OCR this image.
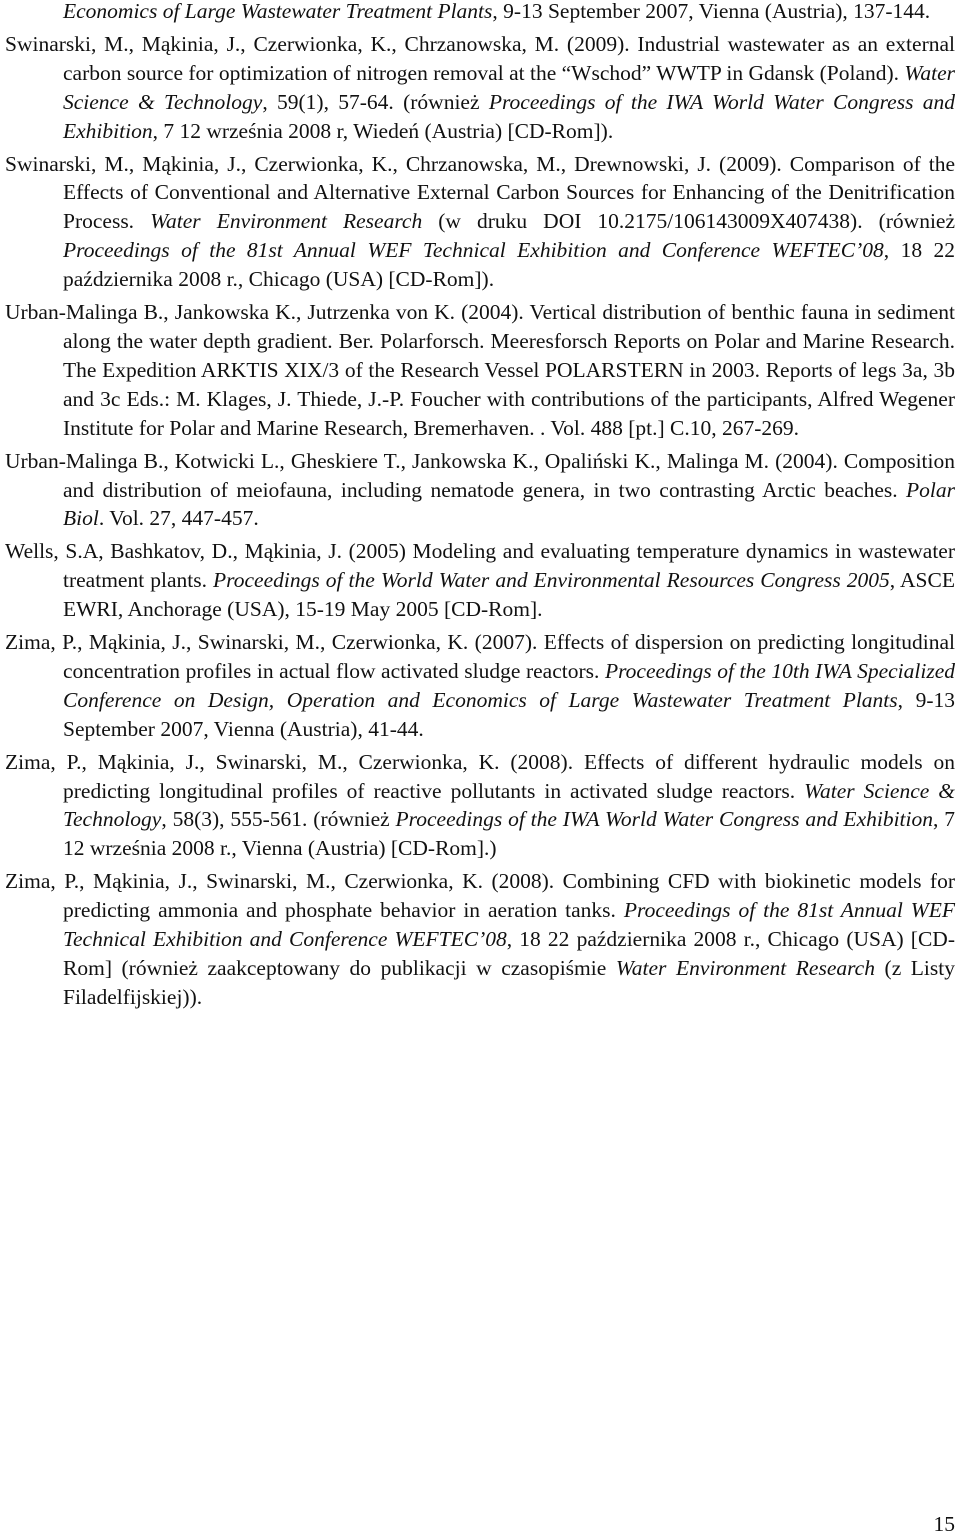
Economics of Large Wastewater Treatment Plants, 9-13 September 2007, Vienna (Austria), 137-144.

Swinarski, M., Mąkinia, J., Czerwionka, K., Chrzanowska, M. (2009). Industrial wastewater as an external carbon source for optimization of nitrogen removal at the “Wschod” WWTP in Gdansk (Poland). Water Science & Technology, 59(1), 57-64. (również Proceedings of the IWA World Water Congress and Exhibition, 7 12 września 2008 r, Wiedeń (Austria) [CD-Rom]).

Swinarski, M., Mąkinia, J., Czerwionka, K., Chrzanowska, M., Drewnowski, J. (2009). Comparison of the Effects of Conventional and Alternative External Carbon Sources for Enhancing of the Denitrification Process. Water Environment Research (w druku DOI 10.2175/106143009X407438). (również Proceedings of the 81st Annual WEF Technical Exhibition and Conference WEFTEC’08, 18 22 października 2008 r., Chicago (USA) [CD-Rom]).

Urban-Malinga B., Jankowska K., Jutrzenka von K. (2004). Vertical distribution of benthic fauna in sediment along the water depth gradient. Ber. Polarforsch. Meeresforsch Reports on Polar and Marine Research. The Expedition ARKTIS XIX/3 of the Research Vessel POLARSTERN in 2003. Reports of legs 3a, 3b and 3c Eds.: M. Klages, J. Thiede, J.-P. Foucher with contributions of the participants, Alfred Wegener Institute for Polar and Marine Research, Bremerhaven. . Vol. 488 [pt.] C.10, 267-269.

Urban-Malinga B., Kotwicki L., Gheskiere T., Jankowska K., Opaliński K., Malinga M. (2004). Composition and distribution of meiofauna, including nematode genera, in two contrasting Arctic beaches. Polar Biol. Vol. 27, 447-457.

Wells, S.A, Bashkatov, D., Mąkinia, J. (2005) Modeling and evaluating temperature dynamics in wastewater treatment plants. Proceedings of the World Water and Environmental Resources Congress 2005, ASCE EWRI, Anchorage (USA), 15-19 May 2005 [CD-Rom].

Zima, P., Mąkinia, J., Swinarski, M., Czerwionka, K. (2007). Effects of dispersion on predicting longitudinal concentration profiles in actual flow activated sludge reactors. Proceedings of the 10th IWA Specialized Conference on Design, Operation and Economics of Large Wastewater Treatment Plants, 9-13 September 2007, Vienna (Austria), 41-44.

Zima, P., Mąkinia, J., Swinarski, M., Czerwionka, K. (2008). Effects of different hydraulic models on predicting longitudinal profiles of reactive pollutants in activated sludge reactors. Water Science & Technology, 58(3), 555-561. (również Proceedings of the IWA World Water Congress and Exhibition, 7 12 września 2008 r., Vienna (Austria) [CD-Rom].)

Zima, P., Mąkinia, J., Swinarski, M., Czerwionka, K. (2008). Combining CFD with biokinetic models for predicting ammonia and phosphate behavior in aeration tanks. Proceedings of the 81st Annual WEF Technical Exhibition and Conference WEFTEC’08, 18 22 października 2008 r., Chicago (USA) [CD-Rom] (również zaakceptowany do publikacji w czasopiśmie Water Environment Research (z Listy Filadelfijskiej)).

15
